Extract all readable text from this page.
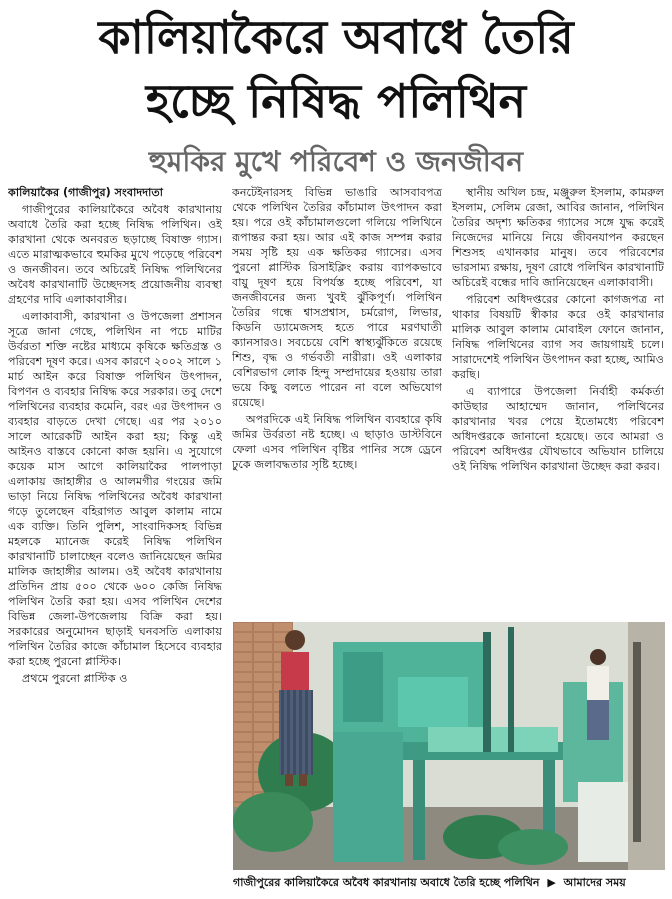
কালিয়াকৈরে অবাধে তৈরি
হচ্ছে নিষিদ্ধ পলিথিন
হুমকির মুখে পরিবেশ ও জনজীবন

কালিয়াকৈর (গাজীপুর) সংবাদদাতা

গাজীপুরের কালিয়াকৈরে অবৈধ কারখানায় অবাধে তৈরি করা হচ্ছে নিষিদ্ধ পলিথিন। ওই কারখানা থেকে অনবরত ছড়াচ্ছে বিষাক্ত গ্যাস। এতে মারাত্মকভাবে হুমকির মুখে পড়েছে পরিবেশ ও জনজীবন। তবে অচিরেই নিষিদ্ধ পলিথিনের অবৈধ কারখানাটি উচ্ছেদসহ প্রয়োজনীয় ব্যবস্থা গ্রহণের দাবি এলাকাবাসীর।

এলাকাবাসী, কারখানা ও উপজেলা প্রশাসন সূত্রে জানা গেছে, পলিথিন না পচে মাটির উর্বরতা শক্তি নষ্টের মাধ্যমে কৃষিকে ক্ষতিগ্রস্ত ও পরিবেশ দূষণ করে। এসব কারণে ২০০২ সালে ১ মার্চ আইন করে বিষাক্ত পলিথিন উৎপাদন, বিপণন ও ব্যবহার নিষিদ্ধ করে সরকার। তবু দেশে পলিথিনের ব্যবহার কমেনি, বরং এর উৎপাদন ও ব্যবহার বাড়তে দেখা গেছে। এর পর ২০১০ সালে আরেকটি আইন করা হয়; কিন্তু এই আইনও বাস্তবে কোনো কাজ হয়নি। এ সুযোগে কয়েক মাস আগে কালিয়াকৈর পালপাড়া এলাকায় জাহাঙ্গীর ও আলমগীর গংয়ের জমি ভাড়া নিয়ে নিষিদ্ধ পলিথিনের অবৈধ কারখানা গড়ে তুলেছেন বহিরাগত আবুল কালাম নামে এক ব্যক্তি। তিনি পুলিশ, সাংবাদিকসহ বিভিন্ন মহলকে ম্যানেজ করেই নিষিদ্ধ পলিথিন কারখানাটি চালাচ্ছেন বলেও জানিয়েছেন জমির মালিক জাহাঙ্গীর আলম। ওই অবৈধ কারখানায় প্রতিদিন প্রায় ৫০০ থেকে ৬০০ কেজি নিষিদ্ধ পলিথিন তৈরি করা হয়। এসব পলিথিন দেশের বিভিন্ন জেলা-উপজেলায় বিক্রি করা হয়। সরকারের অনুমোদন ছাড়াই ঘনবসতি এলাকায় পলিথিন তৈরির কাজে কাঁচামাল হিসেবে ব্যবহার করা হচ্ছে পুরনো প্লাস্টিক।

প্রথমে পুরনো প্লাস্টিক ও

কনটেইনারসহ বিভিন্ন ভাঙারি আসবাবপত্র থেকে পলিথিন তৈরির কাঁচামাল উৎপাদন করা হয়। পরে ওই কাঁচামালগুলো গলিয়ে পলিথিনে রূপান্তর করা হয়। আর এই কাজ সম্পন্ন করার সময় সৃষ্টি হয় এক ক্ষতিকর গ্যাসের। এসব পুরনো প্লাস্টিক রিসাইক্লিং করায় ব্যাপকভাবে বায়ু দূষণ হয়ে বিপর্যস্ত হচ্ছে পরিবেশ, যা জনজীবনের জন্য খুবই ঝুঁকিপূর্ণ। পলিথিন তৈরির গন্ধে শ্বাসপ্রশ্বাস, চর্মরোগ, লিভার, কিডনি ড্যামেজসহ হতে পারে মরণঘাতী ক্যানসারও। সবচেয়ে বেশি স্বাস্থ্যঝুঁকিতে রয়েছে শিশু, বৃদ্ধ ও গর্ভবতী নারীরা। ওই এলাকার বেশিরভাগ লোক হিন্দু সম্প্রদায়ের হওয়ায় তারা ভয়ে কিছু বলতে পারেন না বলে অভিযোগ রয়েছে।

অপরদিকে এই নিষিদ্ধ পলিথিন ব্যবহারে কৃষি জমির উর্বরতা নষ্ট হচ্ছে। এ ছাড়াও ডাস্টবিনে ফেলা এসব পলিথিন বৃষ্টির পানির সঙ্গে ড্রেনে ঢুকে জলাবদ্ধতার সৃষ্টি হচ্ছে।

স্থানীয় অখিল চন্দ্র, মঞ্জুরুল ইসলাম, কামরুল ইসলাম, সেলিম রেজা, আবির জানান, পলিথিন তৈরির অদৃশ্য ক্ষতিকর গ্যাসের সঙ্গে যুদ্ধ করেই নিজেদের মানিয়ে নিয়ে জীবনযাপন করছেন শিশুসহ এখানকার মানুষ। তবে পরিবেশের ভারসাম্য রক্ষায়, দূষণ রোধে পলিথিন কারখানাটি অচিরেই বন্ধের দাবি জানিয়েছেন এলাকাবাসী।

পরিবেশ অধিদপ্তরের কোনো কাগজপত্র না থাকার বিষয়টি স্বীকার করে ওই কারখানার মালিক আবুল কালাম মোবাইল ফোনে জানান, নিষিদ্ধ পলিথিনের ব্যাগ সব জায়গায়ই চলে। সারাদেশেই পলিথিন উৎপাদন করা হচ্ছে, আমিও করছি।

এ ব্যাপারে উপজেলা নির্বাহী কর্মকর্তা কাউছার আহাম্মেদ জানান, পলিথিনের কারখানার খবর পেয়ে ইতোমধ্যে পরিবেশ অধিদপ্তরকে জানানো হয়েছে। তবে আমরা ও পরিবেশ অধিদপ্তর যৌথভাবে অভিযান চালিয়ে ওই নিষিদ্ধ পলিথিন কারখানা উচ্ছেদ করা করব।

গাজীপুরের কালিয়াকৈরে অবৈধ কারখানায় অবাধে তৈরি হচ্ছে পলিথিন ▶ আমাদের সময়
